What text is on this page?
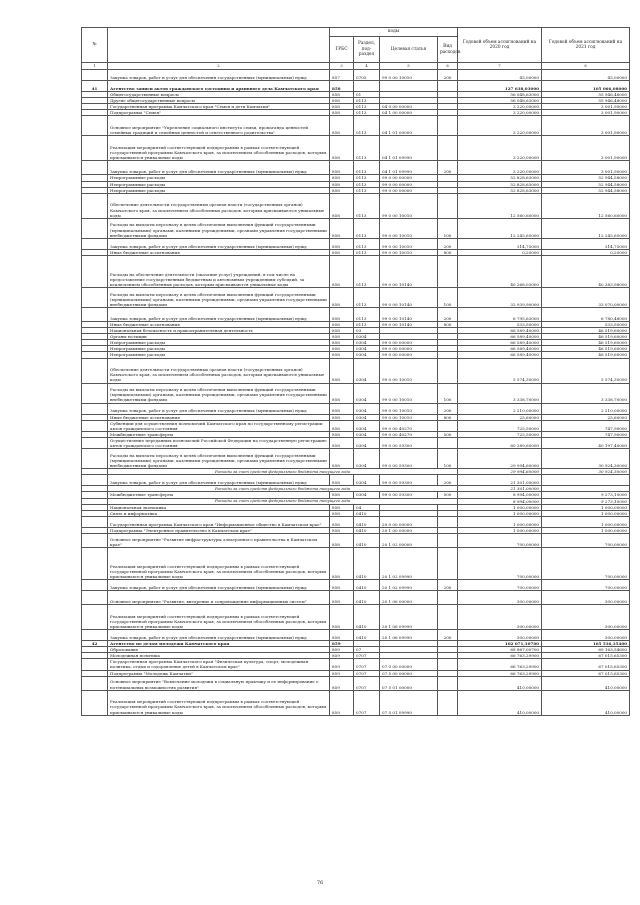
№		коды				Годовой объем ассигнований на 2020 год	Годовой объем ассигнований на 2021 год
		ГРБС	Раздел, под-раздел	Целевая статья	Вид расходов		
1	2	3	4	5	6	7	8
	Закупка товаров, работ и услуг для обеспечения государственных (муниципальных) нужд	857	0705	99 0 00 10010	200	45,00000	45,00000
41	Агентство записи актов гражданского состояния и архивного дела Камчатского края	858				127 638,03000	105 066,08000
	Общегосударственные вопросы	858	01			56 048,63000	55 946,48000
	Другие общегосударственные вопросы	858	0113			56 048,63000	55 946,48000
	Государственная программа Камчатского края "Семья и дети Камчатки"	858	0113	04 0 00 00000		3 220,00000	3 001,90000
	Подпрограмма "Семья"	858	0113	04 1 00 00000		3 220,00000	3 001,90000
	Основное мероприятие "Укрепление социального института семьи, пропаганда ценностей семейных традиций и семейных ценностей и ответственного родительства"	858	0113	04 1 01 00000		3 220,00000	3 001,90000
	Реализация мероприятий соответствующей подпрограммы в рамках соответствующей государственной программы Камчатского края, за исключением обособленных расходов, которым присваиваются уникальные коды	858	0113	04 1 01 09990		3 220,00000	3 001,90000
	Закупка товаров, работ и услуг для обеспечения государственных (муниципальных) нужд	858	0113	04 1 01 09990	200	3 220,00000	3 001,90000
	Непрограммные расходы	858	0113	99 0 00 00000		52 828,63000	52 944,58000
	Непрограммные расходы	858	0113	99 0 00 00000		52 828,63000	52 944,58000
	Непрограммные расходы	858	0113	99 0 00 00000		52 828,63000	52 944,58000
	Обеспечение деятельности государственных органов власти (государственных органов) Камчатского края, за исключением обособленных расходов, которым присваиваются уникальные коды	858	0113	99 0 00 10010		12 560,60000	12 560,60000
	Расходы на выплаты персоналу в целях обеспечения выполнения функций государственными (муниципальными) органами, казенными учреждениями, органами управления государственными внебюджетными фондами	858	0113	99 0 00 10010	100	12 245,65000	12 245,65000
	Закупка товаров, работ и услуг для обеспечения государственных (муниципальных) нужд	858	0113	99 0 00 10010	200	314,75000	314,75000
	Иные бюджетные ассигнования	858	0113	99 0 00 10010	800	0,20000	0,20000
	Расходы на обеспечение деятельности (оказание услуг) учреждений, в том числе на предоставление государственным бюджетным и автономным учреждениям субсидий, за исключением обособленных расходов, которым присваиваются уникальные коды	858	0113	99 0 00 10140		40 268,03000	40 383,98000
	Расходы на выплаты персоналу в целях обеспечения выполнения функций государственными (муниципальными) органами, казенными учреждениями, органами управления государственными внебюджетными фондами	858	0113	99 0 00 10140	100	32 939,90000	33 070,00000
	Закупка товаров, работ и услуг для обеспечения государственных (муниципальных) нужд	858	0113	99 0 00 10140	200	6 795,63000	6 780,48000
	Иные бюджетные ассигнования	858	0113	99 0 00 10140	800	533,50000	533,50000
	Национальная безопасность и правоохранительная деятельность	858	03			66 589,40000	46 519,60000
	Органы юстиции	858	0304			66 589,40000	46 519,60000
	Непрограммные расходы	858	0304	99 0 00 00000		66 589,40000	46 519,60000
	Непрограммные расходы	858	0304	99 0 00 00000		66 589,40000	46 519,60000
	Непрограммные расходы	858	0304	99 0 00 00000		66 589,40000	46 519,60000
	Обеспечение деятельности государственных органов власти (государственных органов) Камчатского края, за исключением обособленных расходов, которым присваиваются уникальные коды	858	0304	99 0 00 10010		5 574,30000	5 574,30000
	Расходы на выплаты персоналу в целях обеспечения выполнения функций государственными (муниципальными) органами, казенными учреждениями, органами управления государственными внебюджетными фондами	858	0304	99 0 00 10010	100	3 338,70000	3 338,70000
	Закупка товаров, работ и услуг для обеспечения государственных (муниципальных) нужд	858	0304	99 0 00 10010	200	2 210,00000	2 210,00000
	Иные бюджетные ассигнования	858	0304	99 0 00 10010	800	25,60000	25,60000
	Субвенции для осуществления полномочий Камчатского края по государственному регистрации актов гражданского состояния	858	0304	99 0 00 40270		725,50000	747,90000
	Межбюджетные трансферты	858	0304	99 0 00 40270	500	725,50000	747,90000
	Осуществление переданных полномочий Российской Федерации на государственную регистрацию актов гражданского состояния	858	0304	99 0 00 59300		60 289,60000	40 197,40000
	Расходы на выплаты персоналу в целях обеспечения выполнения функций государственными (муниципальными) органами, казенными учреждениями, органами управления государственными внебюджетными фондами	858	0304	99 0 00 59300	100	29 994,60000	30 924,30000
	Расходы за счет средств федерального бюджета текущего года					29 994,60000	30 924,30000
	Закупка товаров, работ и услуг для обеспечения государственных (муниципальных) нужд	858	0304	99 0 00 59300	200	21 301,00000	
	Расходы за счет средств федерального бюджета текущего года					21 301,00000	
	Межбюджетные трансферты	858	0304	99 0 00 59300	500	8 994,00000	9 273,10000
	Расходы за счет средств федерального бюджета текущего года					8 994,00000	9 273,10000
	Национальная экономика	858	04			1 000,00000	1 000,00000
	Связь и информатика	858	0410			1 000,00000	1 000,00000
	Государственная программа Камчатского края "Информационное общество в Камчатском крае"	858	0410	20 0 00 00000		1 000,00000	1 000,00000
	Подпрограмма "Электронное правительство в Камчатском крае"	858	0410	20 1 00 00000		1 000,00000	1 000,00000
	Основное мероприятие "Развитие инфраструктуры электронного правительства в Камчатском крае"	858	0410	20 1 02 00000		700,00000	700,00000
	Реализация мероприятий соответствующей подпрограммы в рамках соответствующей государственной программы Камчатского края, за исключением обособленных расходов, которым присваиваются уникальные коды	858	0410	20 1 02 09990		700,00000	700,00000
	Закупка товаров, работ и услуг для обеспечения государственных (муниципальных) нужд	858	0410	20 1 02 09990	200	700,00000	700,00000
	Основное мероприятие "Развитие, внедрение и сопровождение информационных систем"	858	0410	20 1 06 00000		300,00000	300,00000
	Реализация мероприятий соответствующей подпрограммы в рамках соответствующей государственной программы Камчатского края, за исключением обособленных расходов, которым присваиваются уникальные коды	858	0410	20 1 06 09990		300,00000	300,00000
	Закупка товаров, работ и услуг для обеспечения государственных (муниципальных) нужд	858	0410	20 1 06 09990	200	300,00000	300,00000
42	Агентство по делам молодежи Камчатского края	859				102 071,10700	165 536,35400
	Образование	859	07			68 867,00700	69 163,54600
	Молодежная политика	859	0707			66 763,29900	67 015,65300
	Государственная программа Камчатского края "Физическая культура, спорт, молодежная политика, отдых и оздоровление детей в Камчатском крае"	859	0707	07 0 00 00000		66 763,29900	67 015,65300
	Подпрограмма "Молодежь Камчатки"	859	0707	07 5 00 00000		66 763,29900	67 015,65300
	Основное мероприятие "Вовлечение молодежи в социальную практику и ее информирование о потенциальных возможностях развития"	859	0707	07 5 01 00000		410,00000	410,00000
	Реализация мероприятий соответствующей подпрограммы в рамках соответствующей государственной программы Камчатского края, за исключением обособленных расходов, которым присваиваются уникальные коды	859	0707	07 5 01 09990		410,00000	410,00000
76
